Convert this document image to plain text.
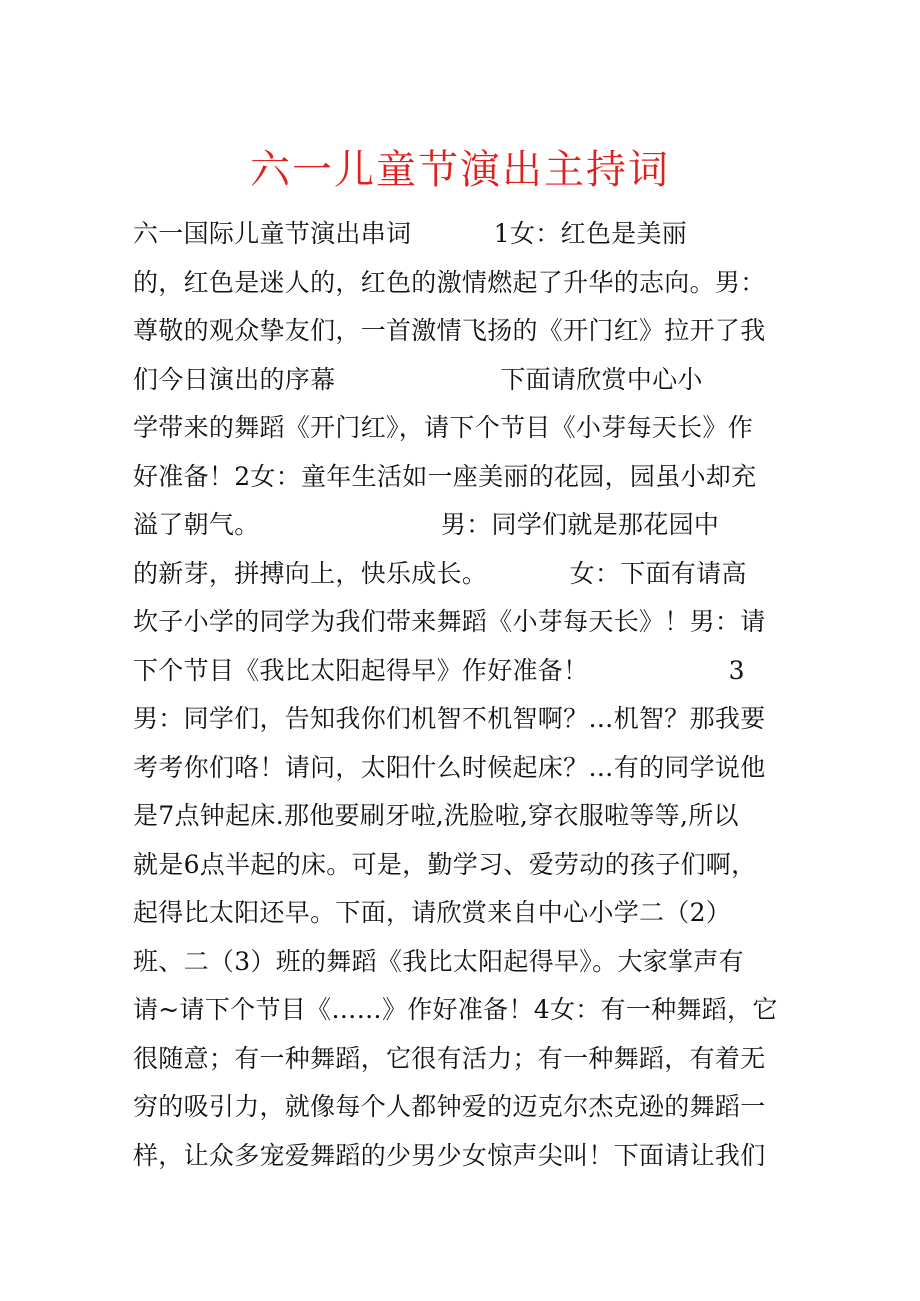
六一儿童节演出主持词
六一国际儿童节演出串词          1女：红色是美丽
的，红色是迷人的，红色的激情燃起了升华的志向。男：
尊敬的观众挚友们，一首激情飞扬的《开门红》拉开了我
们今日演出的序幕                    下面请欣赏中心小
学带来的舞蹈《开门红》，请下个节目《小芽每天长》作
好准备！2女：童年生活如一座美丽的花园，园虽小却充
溢了朝气。                      男：同学们就是那花园中
的新芽，拼搏向上，快乐成长。          女：下面有请高
坎子小学的同学为我们带来舞蹈《小芽每天长》！男：请
下个节目《我比太阳起得早》作好准备！                 3
男：同学们，告知我你们机智不机智啊？…机智？那我要
考考你们咯！请问，太阳什么时候起床？…有的同学说他
是7点钟起床.那他要刷牙啦,洗脸啦,穿衣服啦等等,所以
就是6点半起的床。可是，勤学习、爱劳动的孩子们啊，
起得比太阳还早。下面，请欣赏来自中心小学二（2）
班、二（3）班的舞蹈《我比太阳起得早》。大家掌声有
请~请下个节目《……》作好准备！4女：有一种舞蹈，它
很随意；有一种舞蹈，它很有活力；有一种舞蹈，有着无
穷的吸引力，就像每个人都钟爱的迈克尔杰克逊的舞蹈一
样，让众多宠爱舞蹈的少男少女惊声尖叫！下面请让我们
